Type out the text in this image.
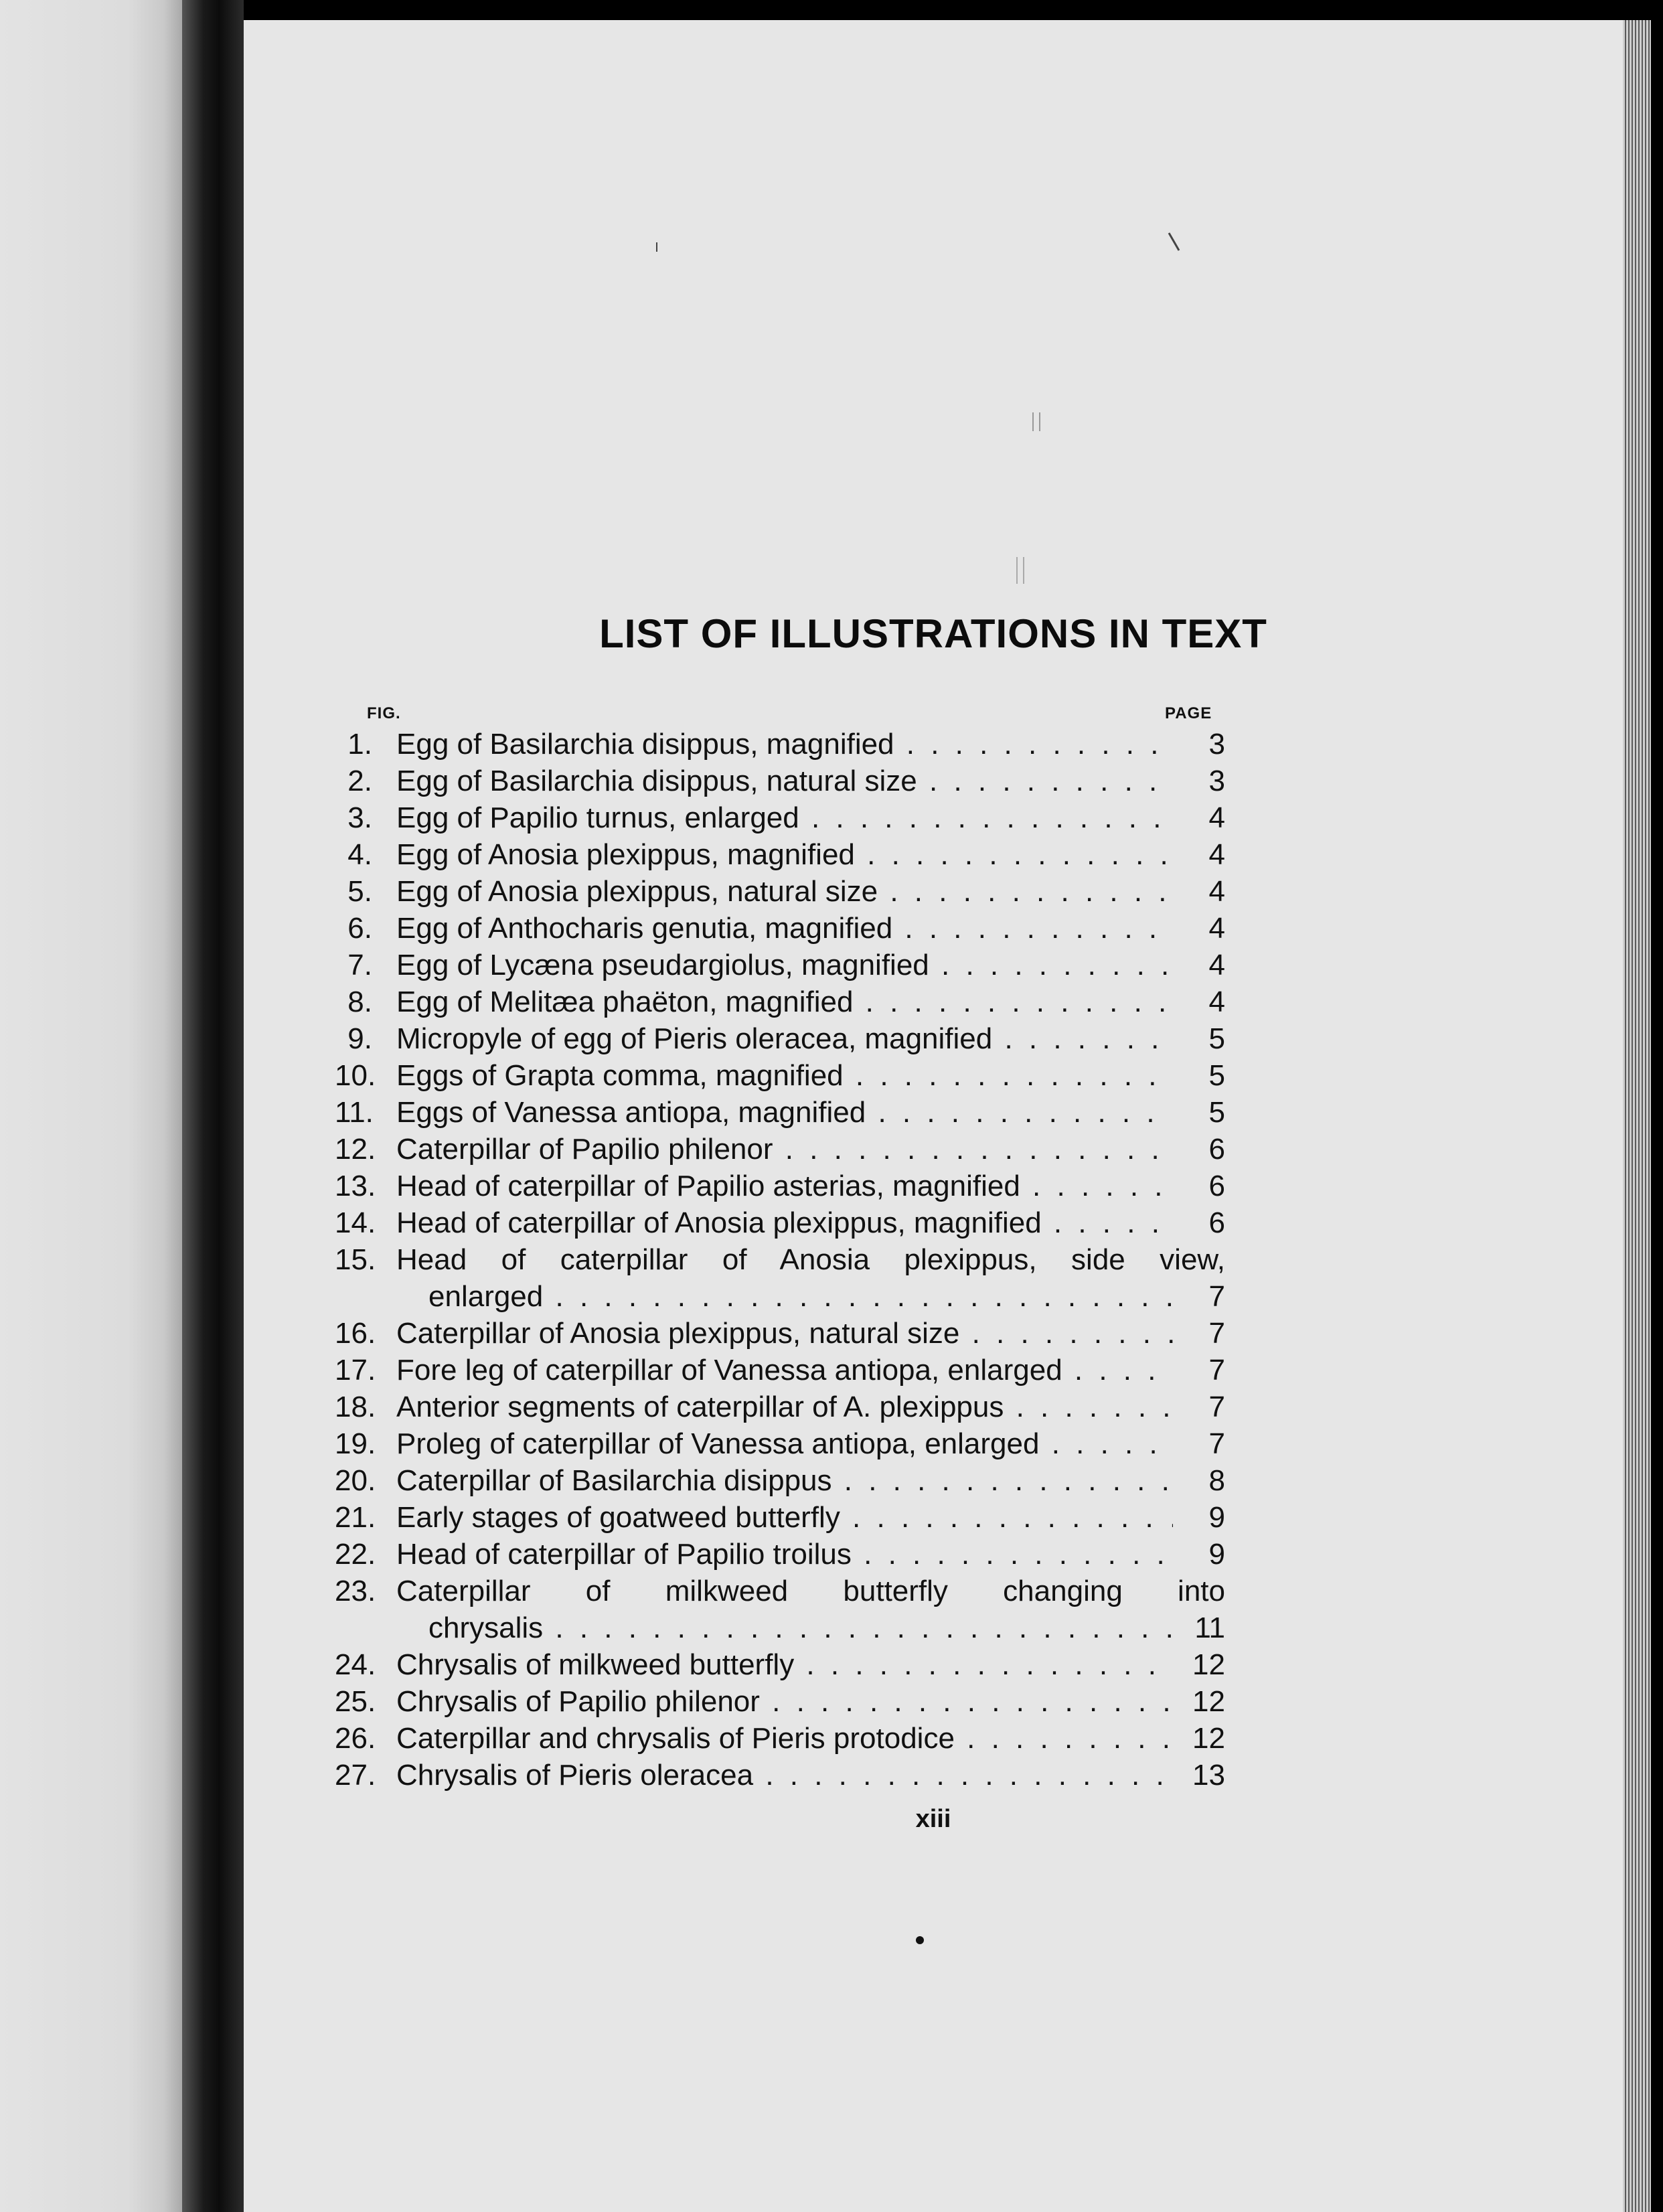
LIST OF ILLUSTRATIONS IN TEXT
FIG.	PAGE
1. Egg of Basilarchia disippus, magnified . . .	3
2. Egg of Basilarchia disippus, natural size . . .	3
3. Egg of Papilio turnus, enlarged . . .	4
4. Egg of Anosia plexippus, magnified . . .	4
5. Egg of Anosia plexippus, natural size . . .	4
6. Egg of Anthocharis genutia, magnified . . .	4
7. Egg of Lycæna pseudargiolus, magnified . . .	4
8. Egg of Melitæa phaëton, magnified . . .	4
9. Micropyle of egg of Pieris oleracea, magnified . . .	5
10. Eggs of Grapta comma, magnified . . .	5
11. Eggs of Vanessa antiopa, magnified . . .	5
12. Caterpillar of Papilio philenor . . .	6
13. Head of caterpillar of Papilio asterias, magnified . . .	6
14. Head of caterpillar of Anosia plexippus, magnified . . .	6
15. Head of caterpillar of Anosia plexippus, side view,
enlarged . . .	7
16. Caterpillar of Anosia plexippus, natural size . . .	7
17. Fore leg of caterpillar of Vanessa antiopa, enlarged . . .	7
18. Anterior segments of caterpillar of A. plexippus . . .	7
19. Proleg of caterpillar of Vanessa antiopa, enlarged . . .	7
20. Caterpillar of Basilarchia disippus . . .	8
21. Early stages of goatweed butterfly . . .	9
22. Head of caterpillar of Papilio troilus . . .	9
23. Caterpillar of milkweed butterfly changing into
chrysalis . . .	11
24. Chrysalis of milkweed butterfly . . .	12
25. Chrysalis of Papilio philenor . . .	12
26. Caterpillar and chrysalis of Pieris protodice . . .	12
27. Chrysalis of Pieris oleracea . . .	13
xiii
